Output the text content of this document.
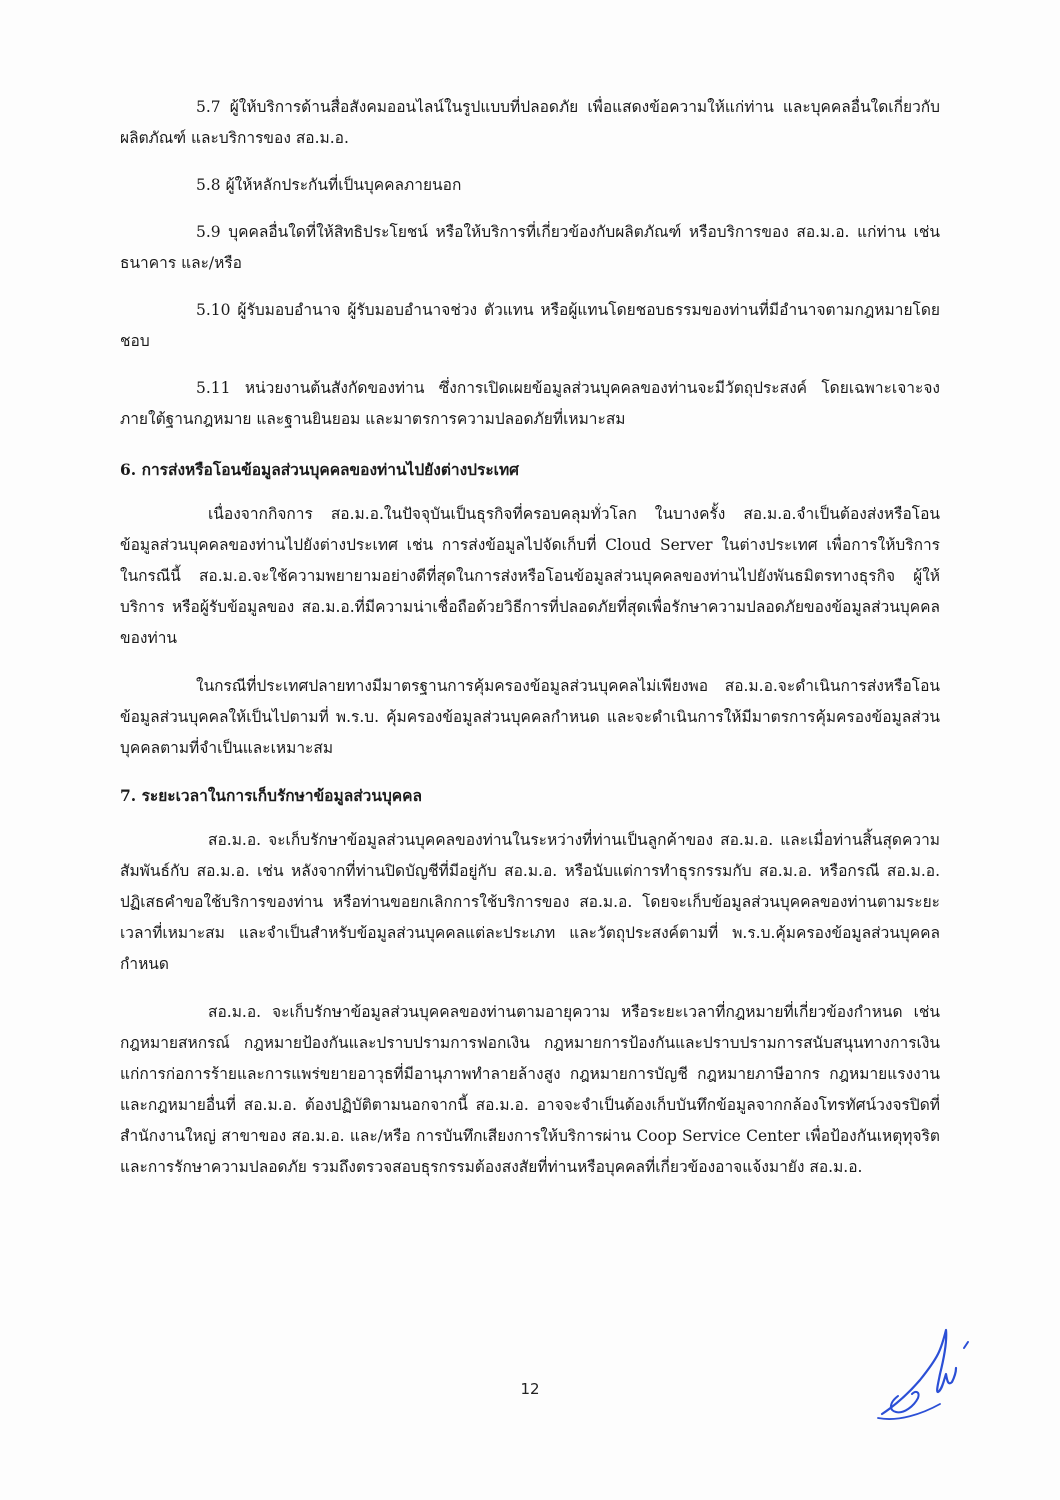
5.7 ผู้ให้บริการด้านสื่อสังคมออนไลน์ในรูปแบบที่ปลอดภัย เพื่อแสดงข้อความให้แก่ท่าน และบุคคลอื่นใดเกี่ยวกับผลิตภัณฑ์ และบริการของ สอ.ม.อ.

5.8 ผู้ให้หลักประกันที่เป็นบุคคลภายนอก

5.9 บุคคลอื่นใดที่ให้สิทธิประโยชน์ หรือให้บริการที่เกี่ยวข้องกับผลิตภัณฑ์ หรือบริการของ สอ.ม.อ. แก่ท่าน เช่น ธนาคาร และ/หรือ

5.10 ผู้รับมอบอำนาจ ผู้รับมอบอำนาจช่วง ตัวแทน หรือผู้แทนโดยชอบธรรมของท่านที่มีอำนาจตามกฎหมายโดยชอบ

5.11 หน่วยงานต้นสังกัดของท่าน ซึ่งการเปิดเผยข้อมูลส่วนบุคคลของท่านจะมีวัตถุประสงค์ โดยเฉพาะเจาะจง ภายใต้ฐานกฎหมาย และฐานยินยอม และมาตรการความปลอดภัยที่เหมาะสม

6. การส่งหรือโอนข้อมูลส่วนบุคคลของท่านไปยังต่างประเทศ

เนื่องจากกิจการ สอ.ม.อ.ในปัจจุบันเป็นธุรกิจที่ครอบคลุมทั่วโลก ในบางครั้ง สอ.ม.อ.จำเป็นต้องส่งหรือโอนข้อมูลส่วนบุคคลของท่านไปยังต่างประเทศ เช่น การส่งข้อมูลไปจัดเก็บที่ Cloud Server ในต่างประเทศ เพื่อการให้บริการ ในกรณีนี้ สอ.ม.อ.จะใช้ความพยายามอย่างดีที่สุดในการส่งหรือโอนข้อมูลส่วนบุคคลของท่านไปยังพันธมิตรทางธุรกิจ ผู้ให้บริการ หรือผู้รับข้อมูลของ สอ.ม.อ.ที่มีความน่าเชื่อถือด้วยวิธีการที่ปลอดภัยที่สุดเพื่อรักษาความปลอดภัยของข้อมูลส่วนบุคคลของท่าน

ในกรณีที่ประเทศปลายทางมีมาตรฐานการคุ้มครองข้อมูลส่วนบุคคลไม่เพียงพอ สอ.ม.อ.จะดำเนินการส่งหรือโอนข้อมูลส่วนบุคคลให้เป็นไปตามที่ พ.ร.บ. คุ้มครองข้อมูลส่วนบุคคลกำหนด และจะดำเนินการให้มีมาตรการคุ้มครองข้อมูลส่วนบุคคลตามที่จำเป็นและเหมาะสม

7. ระยะเวลาในการเก็บรักษาข้อมูลส่วนบุคคล

สอ.ม.อ. จะเก็บรักษาข้อมูลส่วนบุคคลของท่านในระหว่างที่ท่านเป็นลูกค้าของ สอ.ม.อ. และเมื่อท่านสิ้นสุดความสัมพันธ์กับ สอ.ม.อ. เช่น หลังจากที่ท่านปิดบัญชีที่มีอยู่กับ สอ.ม.อ. หรือนับแต่การทำธุรกรรมกับ สอ.ม.อ. หรือกรณี สอ.ม.อ. ปฏิเสธคำขอใช้บริการของท่าน หรือท่านขอยกเลิกการใช้บริการของ สอ.ม.อ. โดยจะเก็บข้อมูลส่วนบุคคลของท่านตามระยะเวลาที่เหมาะสม และจำเป็นสำหรับข้อมูลส่วนบุคคลแต่ละประเภท และวัตถุประสงค์ตามที่ พ.ร.บ.คุ้มครองข้อมูลส่วนบุคคลกำหนด

สอ.ม.อ. จะเก็บรักษาข้อมูลส่วนบุคคลของท่านตามอายุความ หรือระยะเวลาที่กฎหมายที่เกี่ยวข้องกำหนด เช่น กฎหมายสหกรณ์ กฎหมายป้องกันและปราบปรามการฟอกเงิน กฎหมายการป้องกันและปราบปรามการสนับสนุนทางการเงินแก่การก่อการร้ายและการแพร่ขยายอาวุธที่มีอานุภาพทำลายล้างสูง กฎหมายการบัญชี กฎหมายภาษีอากร กฎหมายแรงงาน และกฎหมายอื่นที่ สอ.ม.อ. ต้องปฏิบัติตามนอกจากนี้ สอ.ม.อ. อาจจะจำเป็นต้องเก็บบันทึกข้อมูลจากกล้องโทรทัศน์วงจรปิดที่สำนักงานใหญ่ สาขาของ สอ.ม.อ. และ/หรือ การบันทึกเสียงการให้บริการผ่าน Coop Service Center เพื่อป้องกันเหตุทุจริตและการรักษาความปลอดภัย รวมถึงตรวจสอบธุรกรรมต้องสงสัยที่ท่านหรือบุคคลที่เกี่ยวข้องอาจแจ้งมายัง สอ.ม.อ.

12
